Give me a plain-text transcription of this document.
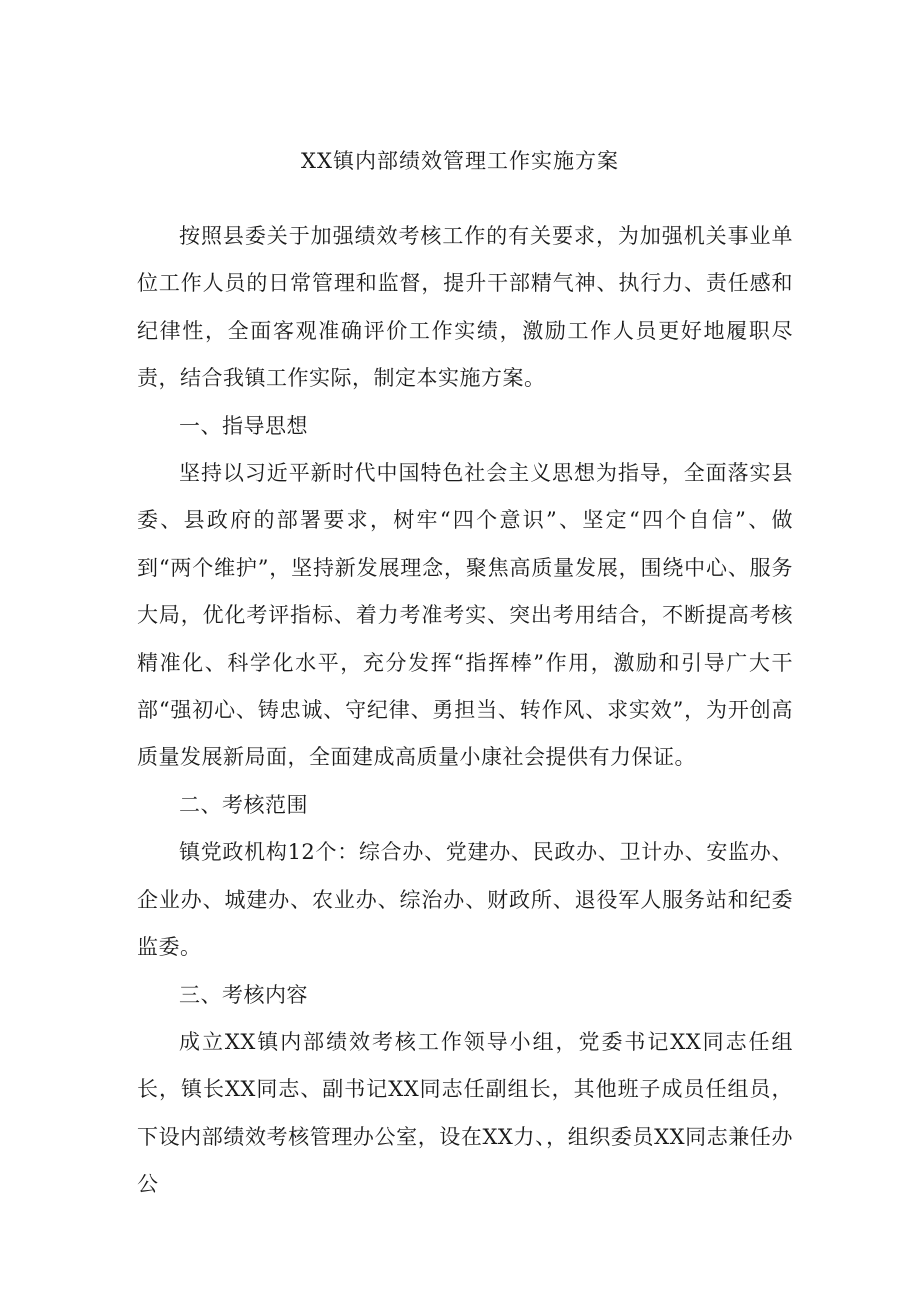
XX镇内部绩效管理工作实施方案

按照县委关于加强绩效考核工作的有关要求，为加强机关事业单位工作人员的日常管理和监督，提升干部精气神、执行力、责任感和纪律性，全面客观准确评价工作实绩，激励工作人员更好地履职尽责，结合我镇工作实际，制定本实施方案。

一、指导思想

坚持以习近平新时代中国特色社会主义思想为指导，全面落实县委、县政府的部署要求，树牢“四个意识”、坚定“四个自信”、做到“两个维护”，坚持新发展理念，聚焦高质量发展，围绕中心、服务大局，优化考评指标、着力考准考实、突出考用结合，不断提高考核精准化、科学化水平，充分发挥“指挥棒”作用，激励和引导广大干部“强初心、铸忠诚、守纪律、勇担当、转作风、求实效”，为开创高质量发展新局面，全面建成高质量小康社会提供有力保证。

二、考核范围

镇党政机构12个：综合办、党建办、民政办、卫计办、安监办、企业办、城建办、农业办、综治办、财政所、退役军人服务站和纪委监委。

三、考核内容

成立XX镇内部绩效考核工作领导小组，党委书记XX同志任组长，镇长XX同志、副书记XX同志任副组长，其他班子成员任组员，下设内部绩效考核管理办公室，设在XX力、，组织委员XX同志兼任办公
